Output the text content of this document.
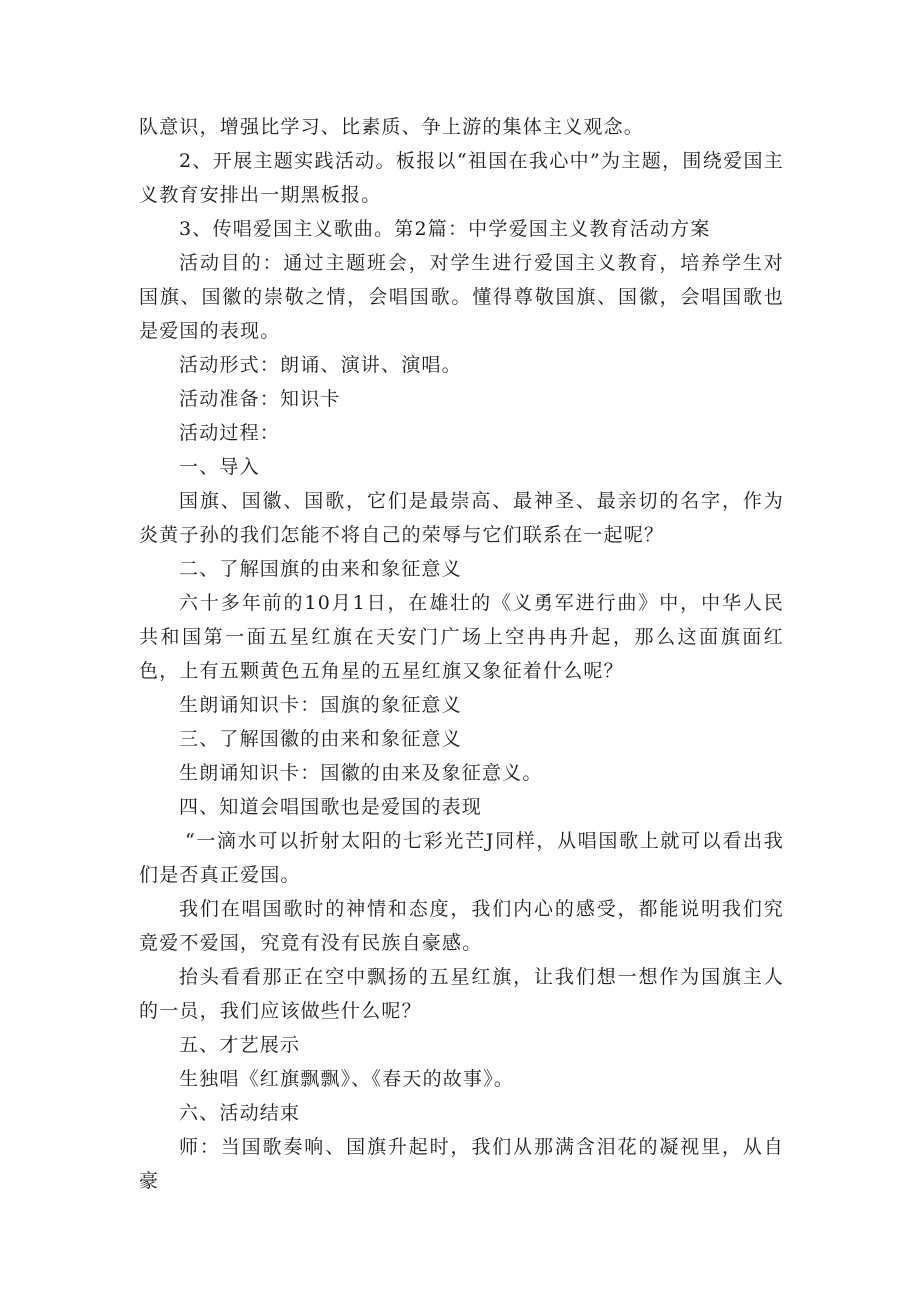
队意识，增强比学习、比素质、争上游的集体主义观念。

2、开展主题实践活动。板报以“祖国在我心中”为主题，围绕爱国主义教育安排出一期黑板报。

3、传唱爱国主义歌曲。第2篇：中学爱国主义教育活动方案

活动目的：通过主题班会，对学生进行爱国主义教育，培养学生对国旗、国徽的崇敬之情，会唱国歌。懂得尊敬国旗、国徽，会唱国歌也是爱国的表现。

活动形式：朗诵、演讲、演唱。

活动准备：知识卡

活动过程：

一、导入

国旗、国徽、国歌，它们是最崇高、最神圣、最亲切的名字，作为炎黄子孙的我们怎能不将自己的荣辱与它们联系在一起呢？

二、了解国旗的由来和象征意义

六十多年前的10月1日，在雄壮的《义勇军进行曲》中，中华人民共和国第一面五星红旗在天安门广场上空冉冉升起，那么这面旗面红色，上有五颗黄色五角星的五星红旗又象征着什么呢？

生朗诵知识卡：国旗的象征意义

三、了解国徽的由来和象征意义

生朗诵知识卡：国徽的由来及象征意义。

四、知道会唱国歌也是爱国的表现

“一滴水可以折射太阳的七彩光芒J同样，从唱国歌上就可以看出我们是否真正爱国。

我们在唱国歌时的神情和态度，我们内心的感受，都能说明我们究竟爱不爱国，究竟有没有民族自豪感。

抬头看看那正在空中飘扬的五星红旗，让我们想一想作为国旗主人的一员，我们应该做些什么呢？

五、才艺展示

生独唱《红旗飘飘》、《春天的故事》。

六、活动结束

师：当国歌奏响、国旗升起时，我们从那满含泪花的凝视里，从自豪
